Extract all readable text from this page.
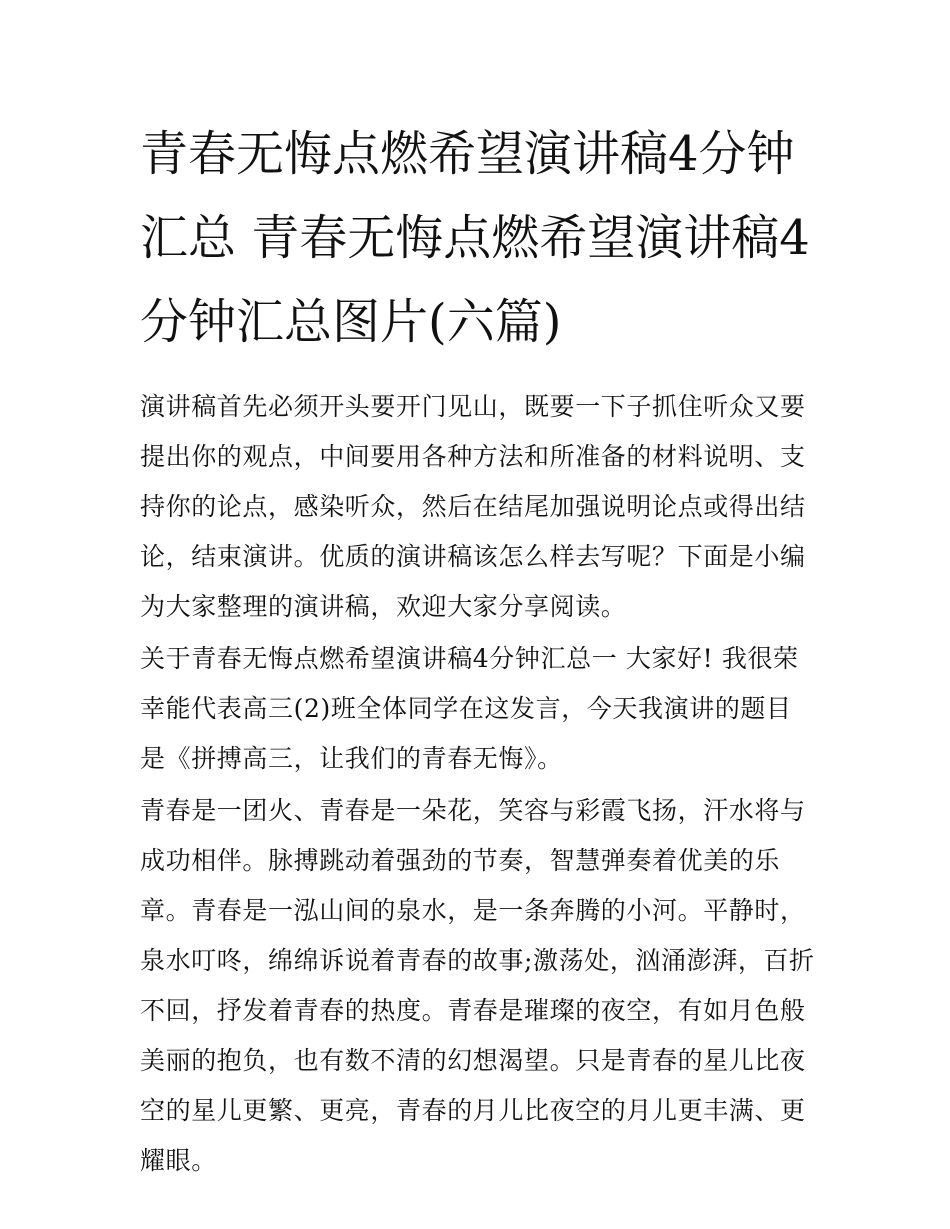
青春无悔点燃希望演讲稿4分钟汇总 青春无悔点燃希望演讲稿4分钟汇总图片(六篇)

演讲稿首先必须开头要开门见山，既要一下子抓住听众又要提出你的观点，中间要用各种方法和所准备的材料说明、支持你的论点，感染听众，然后在结尾加强说明论点或得出结论，结束演讲。优质的演讲稿该怎么样去写呢？下面是小编为大家整理的演讲稿，欢迎大家分享阅读。

关于青春无悔点燃希望演讲稿4分钟汇总一 大家好! 我很荣幸能代表高三(2)班全体同学在这发言，今天我演讲的题目是《拼搏高三，让我们的青春无悔》。

青春是一团火、青春是一朵花，笑容与彩霞飞扬，汗水将与成功相伴。脉搏跳动着强劲的节奏，智慧弹奏着优美的乐章。青春是一泓山间的泉水，是一条奔腾的小河。平静时，泉水叮咚，绵绵诉说着青春的故事;激荡处，汹涌澎湃，百折不回，抒发着青春的热度。青春是璀璨的夜空，有如月色般美丽的抱负，也有数不清的幻想渴望。只是青春的星儿比夜空的星儿更繁、更亮，青春的月儿比夜空的月儿更丰满、更耀眼。
